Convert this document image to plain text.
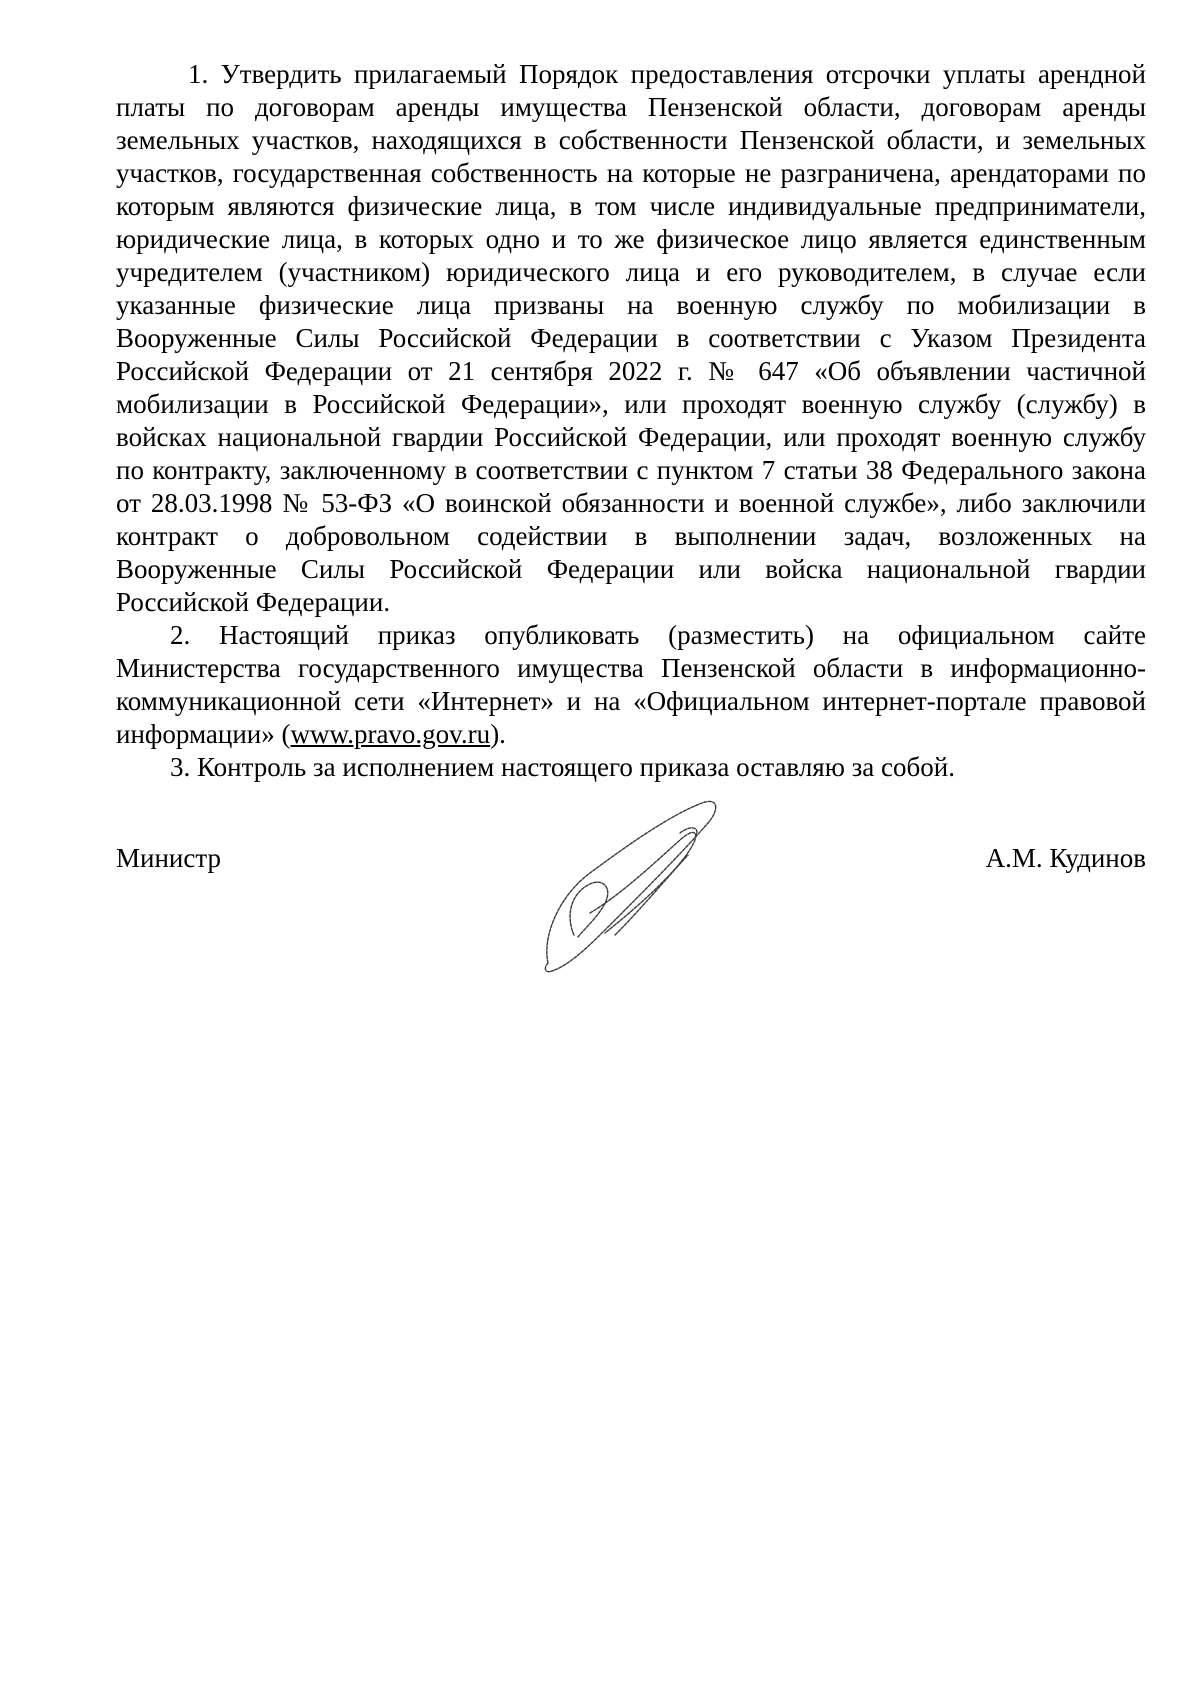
1. Утвердить прилагаемый Порядок предоставления отсрочки уплаты арендной платы по договорам аренды имущества Пензенской области, договорам аренды земельных участков, находящихся в собственности Пензенской области, и земельных участков, государственная собственность на которые не разграничена, арендаторами по которым являются физические лица, в том числе индивидуальные предприниматели, юридические лица, в которых одно и то же физическое лицо является единственным учредителем (участником) юридического лица и его руководителем, в случае если указанные физические лица призваны на военную службу по мобилизации в Вооруженные Силы Российской Федерации в соответствии с Указом Президента Российской Федерации от 21 сентября 2022 г. № 647 «Об объявлении частичной мобилизации в Российской Федерации», или проходят военную службу (службу) в войсках национальной гвардии Российской Федерации, или проходят военную службу по контракту, заключенному в соответствии с пунктом 7 статьи 38 Федерального закона от 28.03.1998 № 53-ФЗ «О воинской обязанности и военной службе», либо заключили контракт о добровольном содействии в выполнении задач, возложенных на Вооруженные Силы Российской Федерации или войска национальной гвардии Российской Федерации.

2. Настоящий приказ опубликовать (разместить) на официальном сайте Министерства государственного имущества Пензенской области в информационно-коммуникационной сети «Интернет» и на «Официальном интернет-портале правовой информации» (www.pravo.gov.ru).

3. Контроль за исполнением настоящего приказа оставляю за собой.

Министр	А.М. Кудинов
